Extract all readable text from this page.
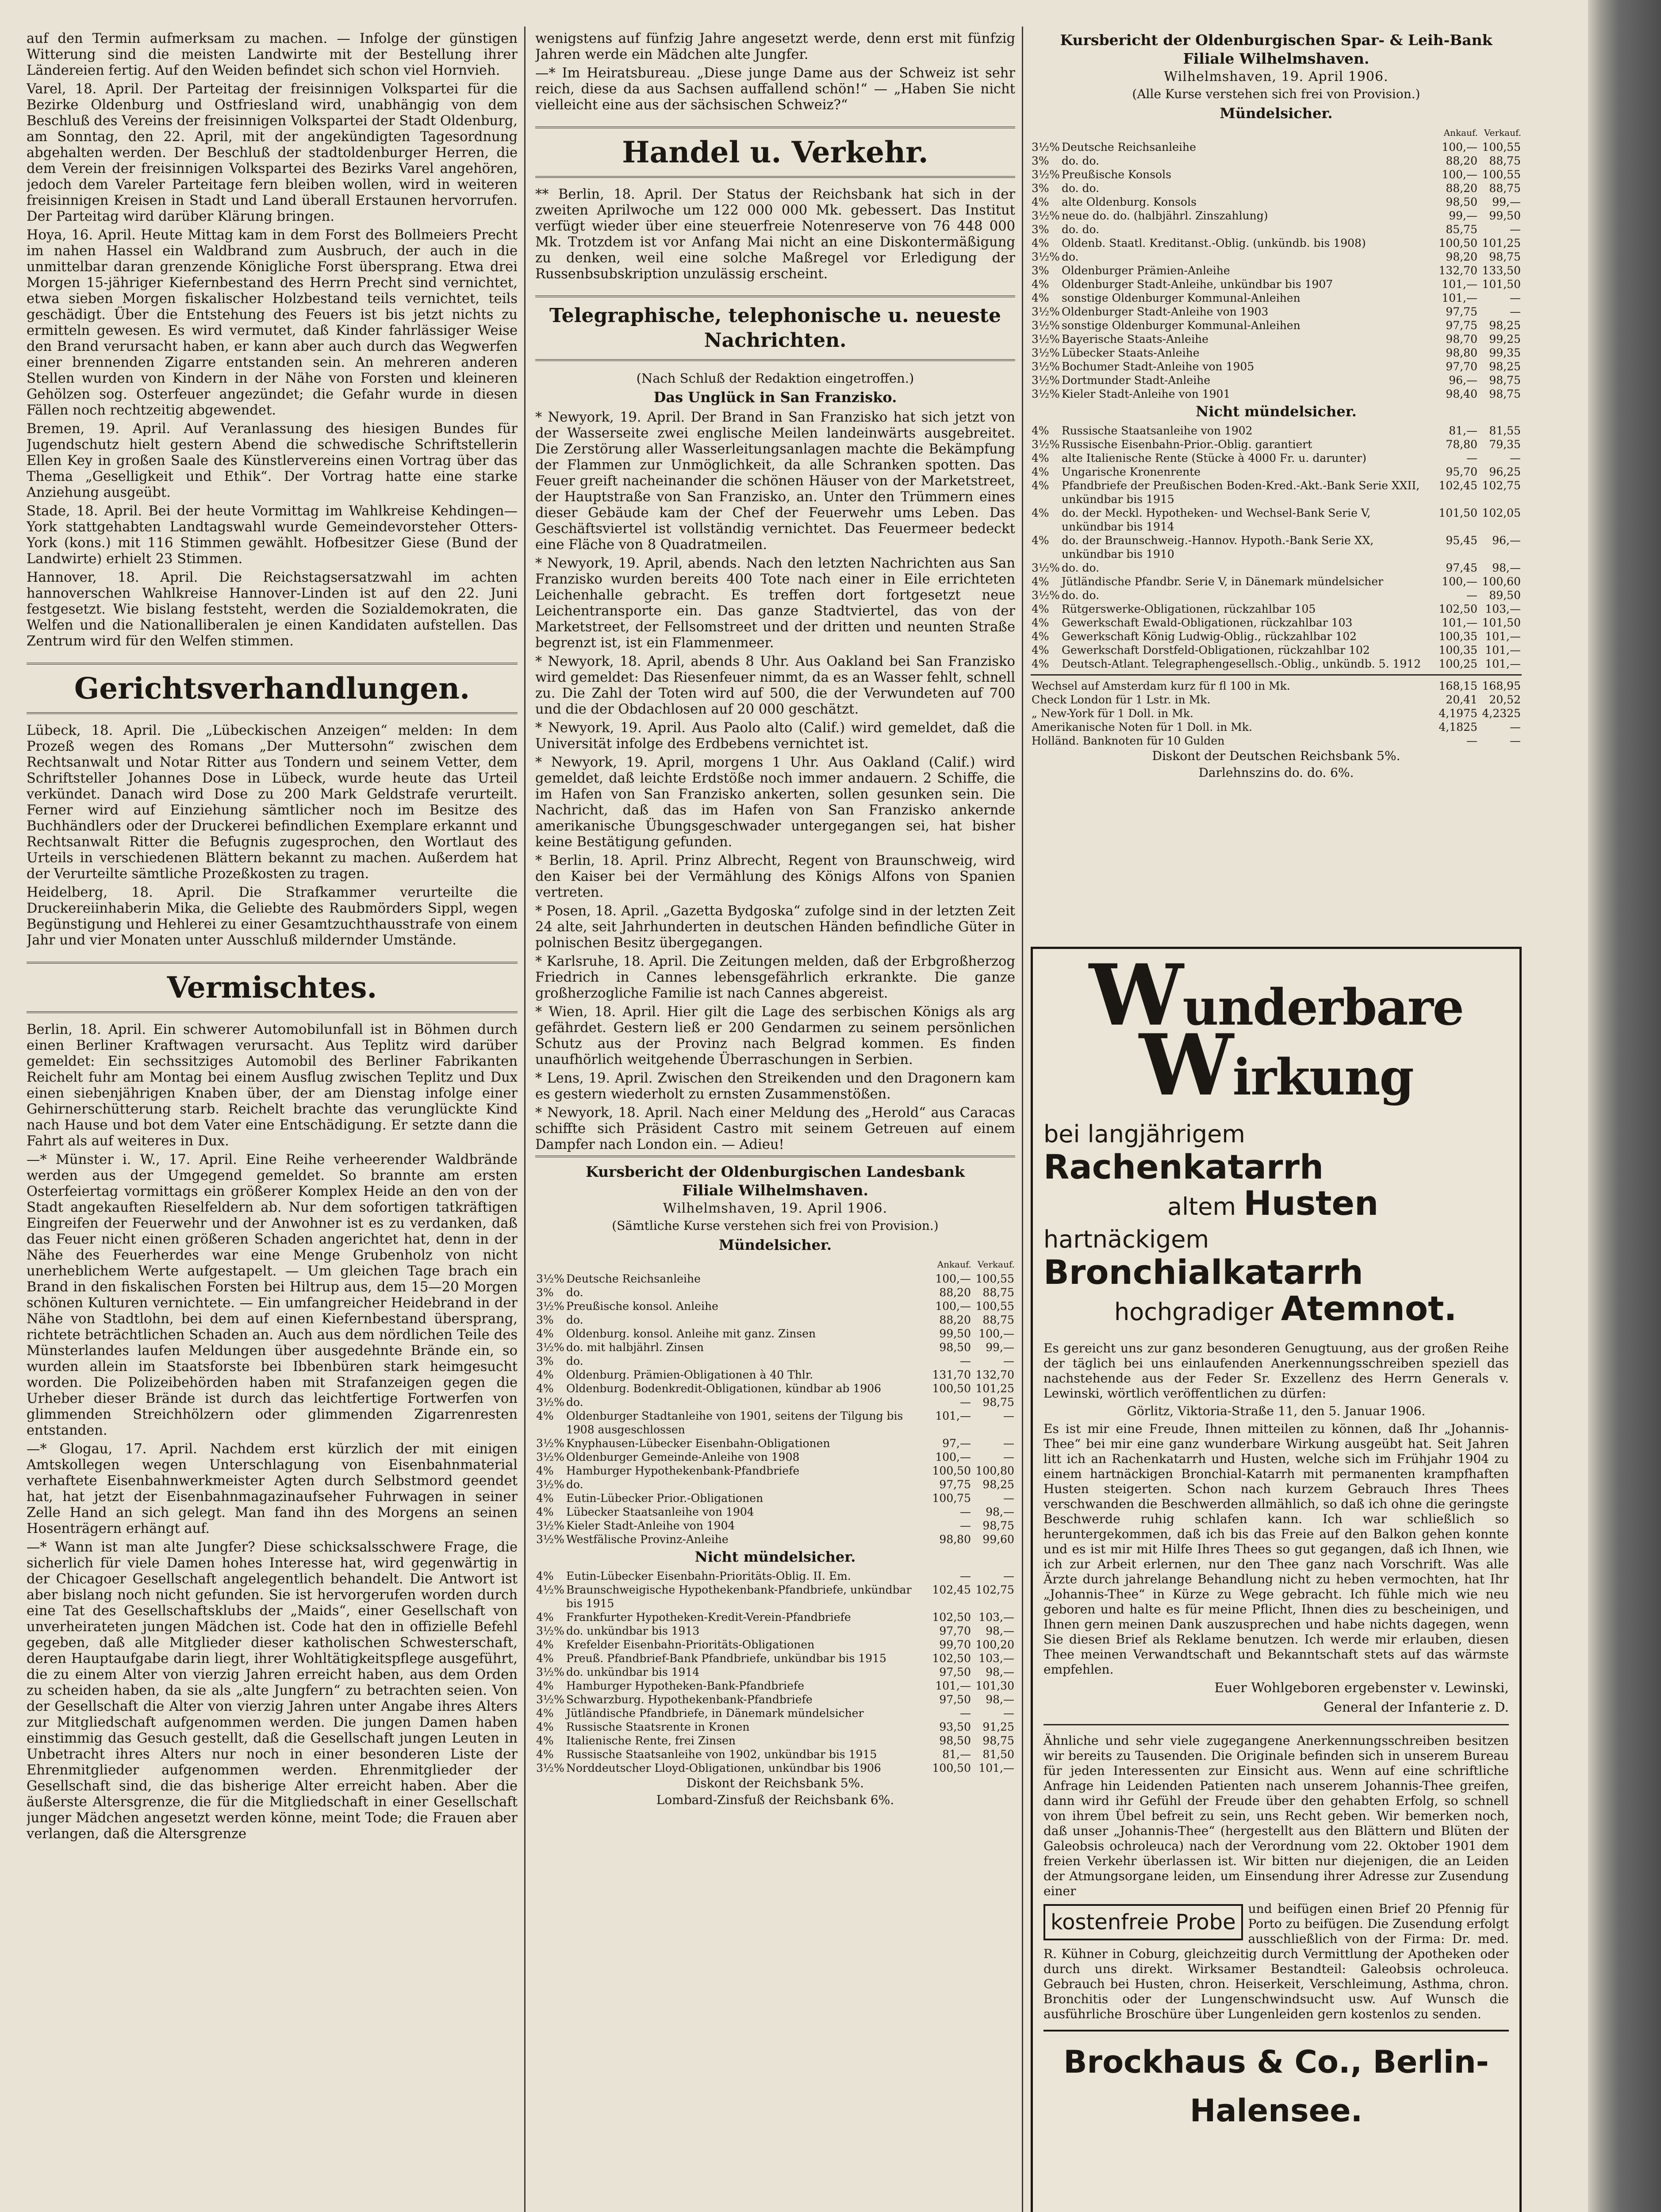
auf den Termin aufmerksam zu machen. — Infolge der günstigen Witterung sind die meisten Landwirte mit der Bestellung ihrer Ländereien fertig. Auf den Weiden befindet sich schon viel Hornvieh.

Varel, 18. April. Der Parteitag der freisinnigen Volkspartei für die Bezirke Oldenburg und Ostfriesland wird, unabhängig von dem Beschluß des Vereins der freisinnigen Volkspartei der Stadt Oldenburg, am Sonntag, den 22. April, mit der angekündigten Tagesordnung abgehalten werden. Der Beschluß der stadtoldenburger Herren, die dem Verein der freisinnigen Volkspartei des Bezirks Varel angehören, jedoch dem Vareler Parteitage fern bleiben wollen, wird in weiteren freisinnigen Kreisen in Stadt und Land überall Erstaunen hervorrufen. Der Parteitag wird darüber Klärung bringen.

Hoya, 16. April. Heute Mittag kam in dem Forst des Bollmeiers Precht im nahen Hassel ein Waldbrand zum Ausbruch, der auch in die unmittelbar daran grenzende Königliche Forst übersprang. Etwa drei Morgen 15-jähriger Kiefernbestand des Herrn Precht sind vernichtet, etwa sieben Morgen fiskalischer Holzbestand teils vernichtet, teils geschädigt. Über die Entstehung des Feuers ist bis jetzt nichts zu ermitteln gewesen. Es wird vermutet, daß Kinder fahrlässiger Weise den Brand verursacht haben, er kann aber auch durch das Wegwerfen einer brennenden Zigarre entstanden sein. An mehreren anderen Stellen wurden von Kindern in der Nähe von Forsten und kleineren Gehölzen sog. Osterfeuer angezündet; die Gefahr wurde in diesen Fällen noch rechtzeitig abgewendet.

Bremen, 19. April. Auf Veranlassung des hiesigen Bundes für Jugendschutz hielt gestern Abend die schwedische Schriftstellerin Ellen Key in großen Saale des Künstlervereins einen Vortrag über das Thema „Geselligkeit und Ethik“. Der Vortrag hatte eine starke Anziehung ausgeübt.

Stade, 18. April. Bei der heute Vormittag im Wahlkreise Kehdingen—York stattgehabten Landtagswahl wurde Gemeindevorsteher Otters-York (kons.) mit 116 Stimmen gewählt. Hofbesitzer Giese (Bund der Landwirte) erhielt 23 Stimmen.

Hannover, 18. April. Die Reichstagsersatzwahl im achten hannoverschen Wahlkreise Hannover-Linden ist auf den 22. Juni festgesetzt. Wie bislang feststeht, werden die Sozialdemokraten, die Welfen und die Nationalliberalen je einen Kandidaten aufstellen. Das Zentrum wird für den Welfen stimmen.

Gerichtsverhandlungen.

Lübeck, 18. April. Die „Lübeckischen Anzeigen“ melden: In dem Prozeß wegen des Romans „Der Muttersohn“ zwischen dem Rechtsanwalt und Notar Ritter aus Tondern und seinem Vetter, dem Schriftsteller Johannes Dose in Lübeck, wurde heute das Urteil verkündet. Danach wird Dose zu 200 Mark Geldstrafe verurteilt. Ferner wird auf Einziehung sämtlicher noch im Besitze des Buchhändlers oder der Druckerei befindlichen Exemplare erkannt und Rechtsanwalt Ritter die Befugnis zugesprochen, den Wortlaut des Urteils in verschiedenen Blättern bekannt zu machen. Außerdem hat der Verurteilte sämtliche Prozeßkosten zu tragen.

Heidelberg, 18. April. Die Strafkammer verurteilte die Druckereiinhaberin Mika, die Geliebte des Raubmörders Sippl, wegen Begünstigung und Hehlerei zu einer Gesamtzuchthausstrafe von einem Jahr und vier Monaten unter Ausschluß mildernder Umstände.

Vermischtes.

Berlin, 18. April. Ein schwerer Automobilunfall ist in Böhmen durch einen Berliner Kraftwagen verursacht. Aus Teplitz wird darüber gemeldet: Ein sechssitziges Automobil des Berliner Fabrikanten Reichelt fuhr am Montag bei einem Ausflug zwischen Teplitz und Dux einen siebenjährigen Knaben über, der am Dienstag infolge einer Gehirnerschütterung starb. Reichelt brachte das verunglückte Kind nach Hause und bot dem Vater eine Entschädigung. Er setzte dann die Fahrt als auf weiteres in Dux.

—* Münster i. W., 17. April. Eine Reihe verheerender Waldbrände werden aus der Umgegend gemeldet. So brannte am ersten Osterfeiertag vormittags ein größerer Komplex Heide an den von der Stadt angekauften Rieselfeldern ab. Nur dem sofortigen tatkräftigen Eingreifen der Feuerwehr und der Anwohner ist es zu verdanken, daß das Feuer nicht einen größeren Schaden angerichtet hat, denn in der Nähe des Feuerherdes war eine Menge Grubenholz von nicht unerheblichem Werte aufgestapelt. — Um gleichen Tage brach ein Brand in den fiskalischen Forsten bei Hiltrup aus, dem 15—20 Morgen schönen Kulturen vernichtete. — Ein umfangreicher Heidebrand in der Nähe von Stadtlohn, bei dem auf einen Kiefernbestand übersprang, richtete beträchtlichen Schaden an. Auch aus dem nördlichen Teile des Münsterlandes laufen Meldungen über ausgedehnte Brände ein, so wurden allein im Staatsforste bei Ibbenbüren stark heimgesucht worden. Die Polizeibehörden haben mit Strafanzeigen gegen die Urheber dieser Brände ist durch das leichtfertige Fortwerfen von glimmenden Streichhölzern oder glimmenden Zigarrenresten entstanden.

—* Glogau, 17. April. Nachdem erst kürzlich der mit einigen Amtskollegen wegen Unterschlagung von Eisenbahnmaterial verhaftete Eisenbahnwerkmeister Agten durch Selbstmord geendet hat, hat jetzt der Eisenbahnmagazinaufseher Fuhrwagen in seiner Zelle Hand an sich gelegt. Man fand ihn des Morgens an seinen Hosenträgern erhängt auf.

—* Wann ist man alte Jungfer? Diese schicksalsschwere Frage, die sicherlich für viele Damen hohes Interesse hat, wird gegenwärtig in der Chicagoer Gesellschaft angelegentlich behandelt. Die Antwort ist aber bislang noch nicht gefunden. Sie ist hervorgerufen worden durch eine Tat des Gesellschaftsklubs der „Maids“, einer Gesellschaft von unverheirateten jungen Mädchen ist. Code hat den in offizielle Befehl gegeben, daß alle Mitglieder dieser katholischen Schwesterschaft, deren Hauptaufgabe darin liegt, ihrer Wohltätigkeitspflege ausgeführt, die zu einem Alter von vierzig Jahren erreicht haben, aus dem Orden zu scheiden haben, da sie als „alte Jungfern“ zu betrachten seien. Von der Gesellschaft die Alter von vierzig Jahren unter Angabe ihres Alters zur Mitgliedschaft aufgenommen werden. Die jungen Damen haben einstimmig das Gesuch gestellt, daß die Gesellschaft jungen Leuten in Unbetracht ihres Alters nur noch in einer besonderen Liste der Ehrenmitglieder aufgenommen werden. Ehrenmitglieder der Gesellschaft sind, die das bisherige Alter erreicht haben. Aber die äußerste Altersgrenze, die für die Mitgliedschaft in einer Gesellschaft junger Mädchen angesetzt werden könne, meint Tode; die Frauen aber verlangen, daß die Altersgrenze

wenigstens auf fünfzig Jahre angesetzt werde, denn erst mit fünfzig Jahren werde ein Mädchen alte Jungfer.

—* Im Heiratsbureau. „Diese junge Dame aus der Schweiz ist sehr reich, diese da aus Sachsen auffallend schön!“ — „Haben Sie nicht vielleicht eine aus der sächsischen Schweiz?“

Handel u. Verkehr.

** Berlin, 18. April. Der Status der Reichsbank hat sich in der zweiten Aprilwoche um 122 000 000 Mk. gebessert. Das Institut verfügt wieder über eine steuerfreie Notenreserve von 76 448 000 Mk. Trotzdem ist vor Anfang Mai nicht an eine Diskontermäßigung zu denken, weil eine solche Maßregel vor Erledigung der Russenbsubskription unzulässig erscheint.

Telegraphische, telephonische u. neueste Nachrichten.
(Nach Schluß der Redaktion eingetroffen.)
Das Unglück in San Franzisko.

* Newyork, 19. April. Der Brand in San Franzisko hat sich jetzt von der Wasserseite zwei englische Meilen landeinwärts ausgebreitet. Die Zerstörung aller Wasserleitungsanlagen machte die Bekämpfung der Flammen zur Unmöglichkeit, da alle Schranken spotten. Das Feuer greift nacheinander die schönen Häuser von der Marketstreet, der Hauptstraße von San Franzisko, an. Unter den Trümmern eines dieser Gebäude kam der Chef der Feuerwehr ums Leben. Das Geschäftsviertel ist vollständig vernichtet. Das Feuermeer bedeckt eine Fläche von 8 Quadratmeilen.

* Newyork, 19. April, abends. Nach den letzten Nachrichten aus San Franzisko wurden bereits 400 Tote nach einer in Eile errichteten Leichenhalle gebracht. Es treffen dort fortgesetzt neue Leichentransporte ein. Das ganze Stadtviertel, das von der Marketstreet, der Fellsomstreet und der dritten und neunten Straße begrenzt ist, ist ein Flammenmeer.

* Newyork, 18. April, abends 8 Uhr. Aus Oakland bei San Franzisko wird gemeldet: Das Riesenfeuer nimmt, da es an Wasser fehlt, schnell zu. Die Zahl der Toten wird auf 500, die der Verwundeten auf 700 und die der Obdachlosen auf 20 000 geschätzt.

* Newyork, 19. April. Aus Paolo alto (Calif.) wird gemeldet, daß die Universität infolge des Erdbebens vernichtet ist.

* Newyork, 19. April, morgens 1 Uhr. Aus Oakland (Calif.) wird gemeldet, daß leichte Erdstöße noch immer andauern. 2 Schiffe, die im Hafen von San Franzisko ankerten, sollen gesunken sein. Die Nachricht, daß das im Hafen von San Franzisko ankernde amerikanische Übungsgeschwader untergegangen sei, hat bisher keine Bestätigung gefunden.

* Berlin, 18. April. Prinz Albrecht, Regent von Braunschweig, wird den Kaiser bei der Vermählung des Königs Alfons von Spanien vertreten.

* Posen, 18. April. „Gazetta Bydgoska“ zufolge sind in der letzten Zeit 24 alte, seit Jahrhunderten in deutschen Händen befindliche Güter in polnischen Besitz übergegangen.

* Karlsruhe, 18. April. Die Zeitungen melden, daß der Erbgroßherzog Friedrich in Cannes lebensgefährlich erkrankte. Die ganze großherzogliche Familie ist nach Cannes abgereist.

* Wien, 18. April. Hier gilt die Lage des serbischen Königs als arg gefährdet. Gestern ließ er 200 Gendarmen zu seinem persönlichen Schutz aus der Provinz nach Belgrad kommen. Es finden unaufhörlich weitgehende Überraschungen in Serbien.

* Lens, 19. April. Zwischen den Streikenden und den Dragonern kam es gestern wiederholt zu ernsten Zusammenstößen.

* Newyork, 18. April. Nach einer Meldung des „Herold“ aus Caracas schiffte sich Präsident Castro mit seinem Getreuen auf einem Dampfer nach London ein. — Adieu!

Kursbericht der Oldenburgischen Landesbank
Filiale Wilhelmshaven.
Wilhelmshaven, 19. April 1906.
(Sämtliche Kurse verstehen sich frei von Provision.)
Mündelsicher.
		Ankauf.	Verkauf.
3½%	Deutsche Reichsanleihe	100,—	100,55
3%	do.	88,20	88,75
3½%	Preußische konsol. Anleihe	100,—	100,55
3%	do.	88,20	88,75
4%	Oldenburg. konsol. Anleihe mit ganz. Zinsen	99,50	100,—
3½%	do. mit halbjährl. Zinsen	98,50	99,—
3%	do.	—	—
4%	Oldenburg. Prämien-Obligationen à 40 Thlr.	131,70	132,70
4%	Oldenburg. Bodenkredit-Obligationen, kündbar ab 1906	100,50	101,25
3½%	do.	—	98,75
4%	Oldenburger Stadtanleihe von 1901, seitens der Tilgung bis 1908 ausgeschlossen	101,—	—
3½%	Knyphausen-Lübecker Eisenbahn-Obligationen	97,—	—
3½%	Oldenburger Gemeinde-Anleihe von 1908	100,—	—
4%	Hamburger Hypothekenbank-Pfandbriefe	100,50	100,80
3½%	do.	97,75	98,25
4%	Eutin-Lübecker Prior.-Obligationen	100,75	—
4%	Lübecker Staatsanleihe von 1904	—	98,—
3½%	Kieler Stadt-Anleihe von 1904	—	98,75
3½%	Westfälische Provinz-Anleihe	98,80	99,60
Nicht mündelsicher.
4%	Eutin-Lübecker Eisenbahn-Prioritäts-Oblig. II. Em.	—	—
4½%	Braunschweigische Hypothekenbank-Pfandbriefe, unkündbar bis 1915	102,45	102,75
4%	Frankfurter Hypotheken-Kredit-Verein-Pfandbriefe	102,50	103,—
3½%	do. unkündbar bis 1913	97,70	98,—
4%	Krefelder Eisenbahn-Prioritäts-Obligationen	99,70	100,20
4%	Preuß. Pfandbrief-Bank Pfandbriefe, unkündbar bis 1915	102,50	103,—
3½%	do. unkündbar bis 1914	97,50	98,—
4%	Hamburger Hypotheken-Bank-Pfandbriefe	101,—	101,30
3½%	Schwarzburg. Hypothekenbank-Pfandbriefe	97,50	98,—
4%	Jütländische Pfandbriefe, in Dänemark mündelsicher	—	—
4%	Russische Staatsrente in Kronen	93,50	91,25
4%	Italienische Rente, frei Zinsen	98,50	98,75
4%	Russische Staatsanleihe von 1902, unkündbar bis 1915	81,—	81,50
3½%	Norddeutscher Lloyd-Obligationen, unkündbar bis 1906	100,50	101,—
Diskont der Reichsbank 5%.
Lombard-Zinsfuß der Reichsbank 6%.
Kursbericht der Oldenburgischen Spar- & Leih-Bank
Filiale Wilhelmshaven.
Wilhelmshaven, 19. April 1906.
(Alle Kurse verstehen sich frei von Provision.)
Mündelsicher.
		Ankauf.	Verkauf.
3½%	Deutsche Reichsanleihe	100,—	100,55
3%	do. do.	88,20	88,75
3½%	Preußische Konsols	100,—	100,55
3%	do. do.	88,20	88,75
4%	alte Oldenburg. Konsols	98,50	99,—
3½%	neue do. do. (halbjährl. Zinszahlung)	99,—	99,50
3%	do. do.	85,75	—
4%	Oldenb. Staatl. Kreditanst.-Oblig. (unkündb. bis 1908)	100,50	101,25
3½%	do.	98,20	98,75
3%	Oldenburger Prämien-Anleihe	132,70	133,50
4%	Oldenburger Stadt-Anleihe, unkündbar bis 1907	101,—	101,50
4%	sonstige Oldenburger Kommunal-Anleihen	101,—	—
3½%	Oldenburger Stadt-Anleihe von 1903	97,75	—
3½%	sonstige Oldenburger Kommunal-Anleihen	97,75	98,25
3½%	Bayerische Staats-Anleihe	98,70	99,25
3½%	Lübecker Staats-Anleihe	98,80	99,35
3½%	Bochumer Stadt-Anleihe von 1905	97,70	98,25
3½%	Dortmunder Stadt-Anleihe	96,—	98,75
3½%	Kieler Stadt-Anleihe von 1901	98,40	98,75
Nicht mündelsicher.
4%	Russische Staatsanleihe von 1902	81,—	81,55
3½%	Russische Eisenbahn-Prior.-Oblig. garantiert	78,80	79,35
4%	alte Italienische Rente (Stücke à 4000 Fr. u. darunter)	—	—
4%	Ungarische Kronenrente	95,70	96,25
4%	Pfandbriefe der Preußischen Boden-Kred.-Akt.-Bank Serie XXII, unkündbar bis 1915	102,45	102,75
4%	do. der Meckl. Hypotheken- und Wechsel-Bank Serie V, unkündbar bis 1914	101,50	102,05
4%	do. der Braunschweig.-Hannov. Hypoth.-Bank Serie XX, unkündbar bis 1910	95,45	96,—
3½%	do. do.	97,45	98,—
4%	Jütländische Pfandbr. Serie V, in Dänemark mündelsicher	100,—	100,60
3½%	do. do.	—	89,50
4%	Rütgerswerke-Obligationen, rückzahlbar 105	102,50	103,—
4%	Gewerkschaft Ewald-Obligationen, rückzahlbar 103	101,—	101,50
4%	Gewerkschaft König Ludwig-Oblig., rückzahlbar 102	100,35	101,—
4%	Gewerkschaft Dorstfeld-Obligationen, rückzahlbar 102	100,35	101,—
4%	Deutsch-Atlant. Telegraphengesellsch.-Oblig., unkündb. 5. 1912	100,25	101,—
Wechsel auf Amsterdam kurz für fl 100 in Mk.	168,15	168,95
Check London für 1 Lstr. in Mk.	20,41	20,52
„ New-York für 1 Doll. in Mk.	4,1975	4,2325
Amerikanische Noten für 1 Doll. in Mk.	4,1825	—
Holländ. Banknoten für 10 Gulden	—	—
Diskont der Deutschen Reichsbank 5%.
Darlehnszins do. do. 6%.
Wunderbare Wirkung
bei langjährigem Rachenkatarrh
altem Husten
hartnäckigem Bronchialkatarrh
hochgradiger Atemnot.

Es gereicht uns zur ganz besonderen Genugtuung, aus der großen Reihe der täglich bei uns einlaufenden Anerkennungsschreiben speziell das nachstehende aus der Feder Sr. Exzellenz des Herrn Generals v. Lewinski, wörtlich veröffentlichen zu dürfen:

Görlitz, Viktoria-Straße 11, den 5. Januar 1906.

Es ist mir eine Freude, Ihnen mitteilen zu können, daß Ihr „Johannis-Thee“ bei mir eine ganz wunderbare Wirkung ausgeübt hat. Seit Jahren litt ich an Rachenkatarrh und Husten, welche sich im Frühjahr 1904 zu einem hartnäckigen Bronchial-Katarrh mit permanenten krampfhaften Husten steigerten. Schon nach kurzem Gebrauch Ihres Thees verschwanden die Beschwerden allmählich, so daß ich ohne die geringste Beschwerde ruhig schlafen kann. Ich war schließlich so heruntergekommen, daß ich bis das Freie auf den Balkon gehen konnte und es ist mir mit Hilfe Ihres Thees so gut gegangen, daß ich Ihnen, wie ich zur Arbeit erlernen, nur den Thee ganz nach Vorschrift. Was alle Ärzte durch jahrelange Behandlung nicht zu heben vermochten, hat Ihr „Johannis-Thee“ in Kürze zu Wege gebracht. Ich fühle mich wie neu geboren und halte es für meine Pflicht, Ihnen dies zu bescheinigen, und Ihnen gern meinen Dank auszusprechen und habe nichts dagegen, wenn Sie diesen Brief als Reklame benutzen. Ich werde mir erlauben, diesen Thee meinen Verwandtschaft und Bekanntschaft stets auf das wärmste empfehlen.

Euer Wohlgeboren ergebenster v. Lewinski,
General der Infanterie z. D.

Ähnliche und sehr viele zugegangene Anerkennungsschreiben besitzen wir bereits zu Tausenden. Die Originale befinden sich in unserem Bureau für jeden Interessenten zur Einsicht aus. Wenn auf eine schriftliche Anfrage hin Leidenden Patienten nach unserem Johannis-Thee greifen, dann wird ihr Gefühl der Freude über den gehabten Erfolg, so schnell von ihrem Übel befreit zu sein, uns Recht geben. Wir bemerken noch, daß unser „Johannis-Thee“ (hergestellt aus den Blättern und Blüten der Galeobsis ochroleuca) nach der Verordnung vom 22. Oktober 1901 dem freien Verkehr überlassen ist. Wir bitten nur diejenigen, die an Leiden der Atmungsorgane leiden, um Einsendung ihrer Adresse zur Zusendung einer

kostenfreie Probe

und beifügen einen Brief 20 Pfennig für Porto zu beifügen. Die Zusendung erfolgt ausschließlich von der Firma: Dr. med. R. Kühner in Coburg, gleichzeitig durch Vermittlung der Apotheken oder durch uns direkt. Wirksamer Bestandteil: Galeobsis ochroleuca. Gebrauch bei Husten, chron. Heiserkeit, Verschleimung, Asthma, chron. Bronchitis oder der Lungenschwindsucht usw. Auf Wunsch die ausführliche Broschüre über Lungenleiden gern kostenlos zu senden.

Brockhaus & Co., Berlin-Halensee.
